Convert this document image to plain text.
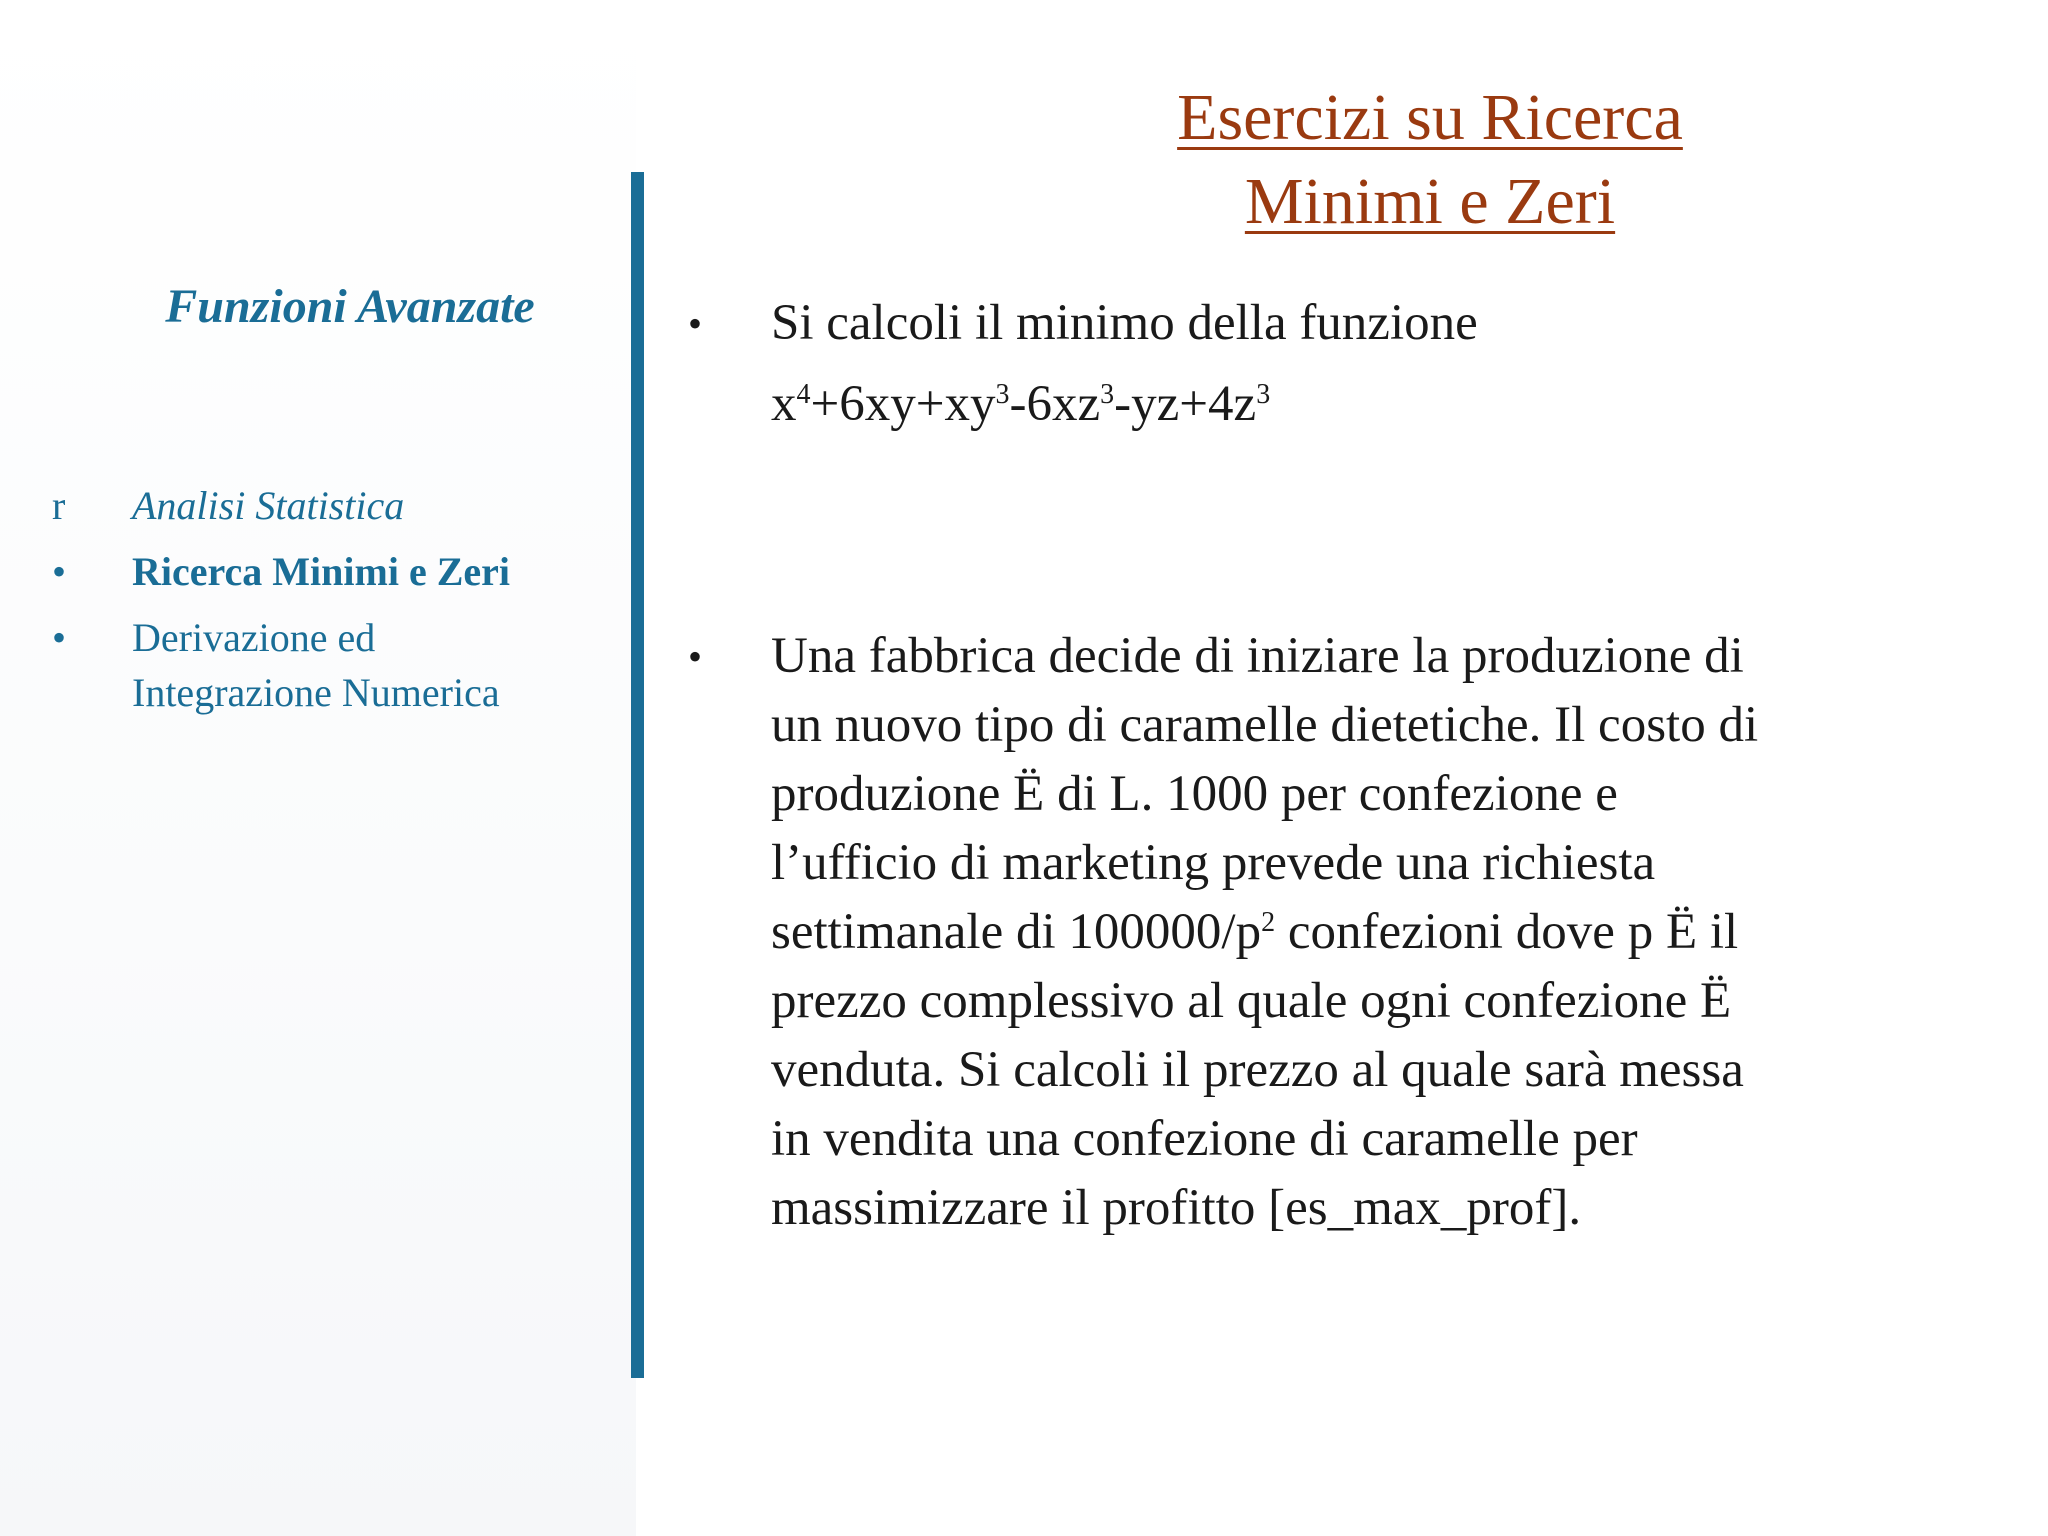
Funzioni Avanzate
r	Analisi Statistica
•	Ricerca Minimi e Zeri
•	Derivazione ed
Integrazione Numerica
Esercizi su Ricerca
Minimi e Zeri
• Si calcoli il minimo della funzione
$x^4+6xy+xy^3-6xz^3-yz+4z^3$
• Una fabbrica decide di iniziare la produzione di
un nuovo tipo di caramelle dietetiche. Il costo di
produzione Ë di L. 1000 per confezione e
l’ufficio di marketing prevede una richiesta
settimanale di $100000/p^2$ confezioni dove p Ë il
prezzo complessivo al quale ogni confezione Ë
venduta. Si calcoli il prezzo al quale sarà messa
in vendita una confezione di caramelle per
massimizzare il profitto [es_max_prof].
